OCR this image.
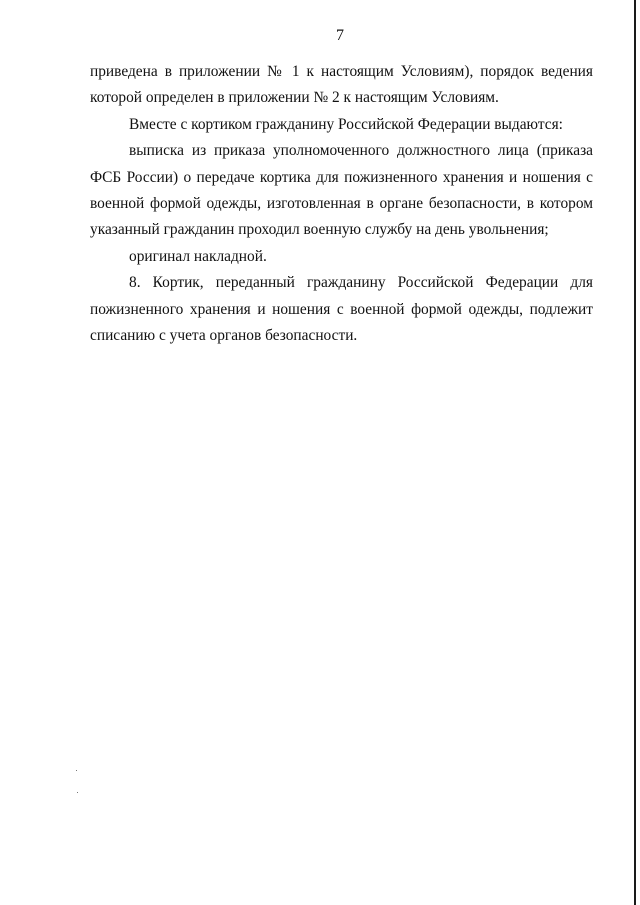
7

приведена в приложении № 1 к настоящим Условиям), порядок ведения которой определен в приложении № 2 к настоящим Условиям.

Вместе с кортиком гражданину Российской Федерации выдаются:

выписка из приказа уполномоченного должностного лица (приказа ФСБ России) о передаче кортика для пожизненного хранения и ношения с военной формой одежды, изготовленная в органе безопасности, в котором указанный гражданин проходил военную службу на день увольнения;

оригинал накладной.

8. Кортик, переданный гражданину Российской Федерации для пожизненного хранения и ношения с военной формой одежды, подлежит списанию с учета органов безопасности.
